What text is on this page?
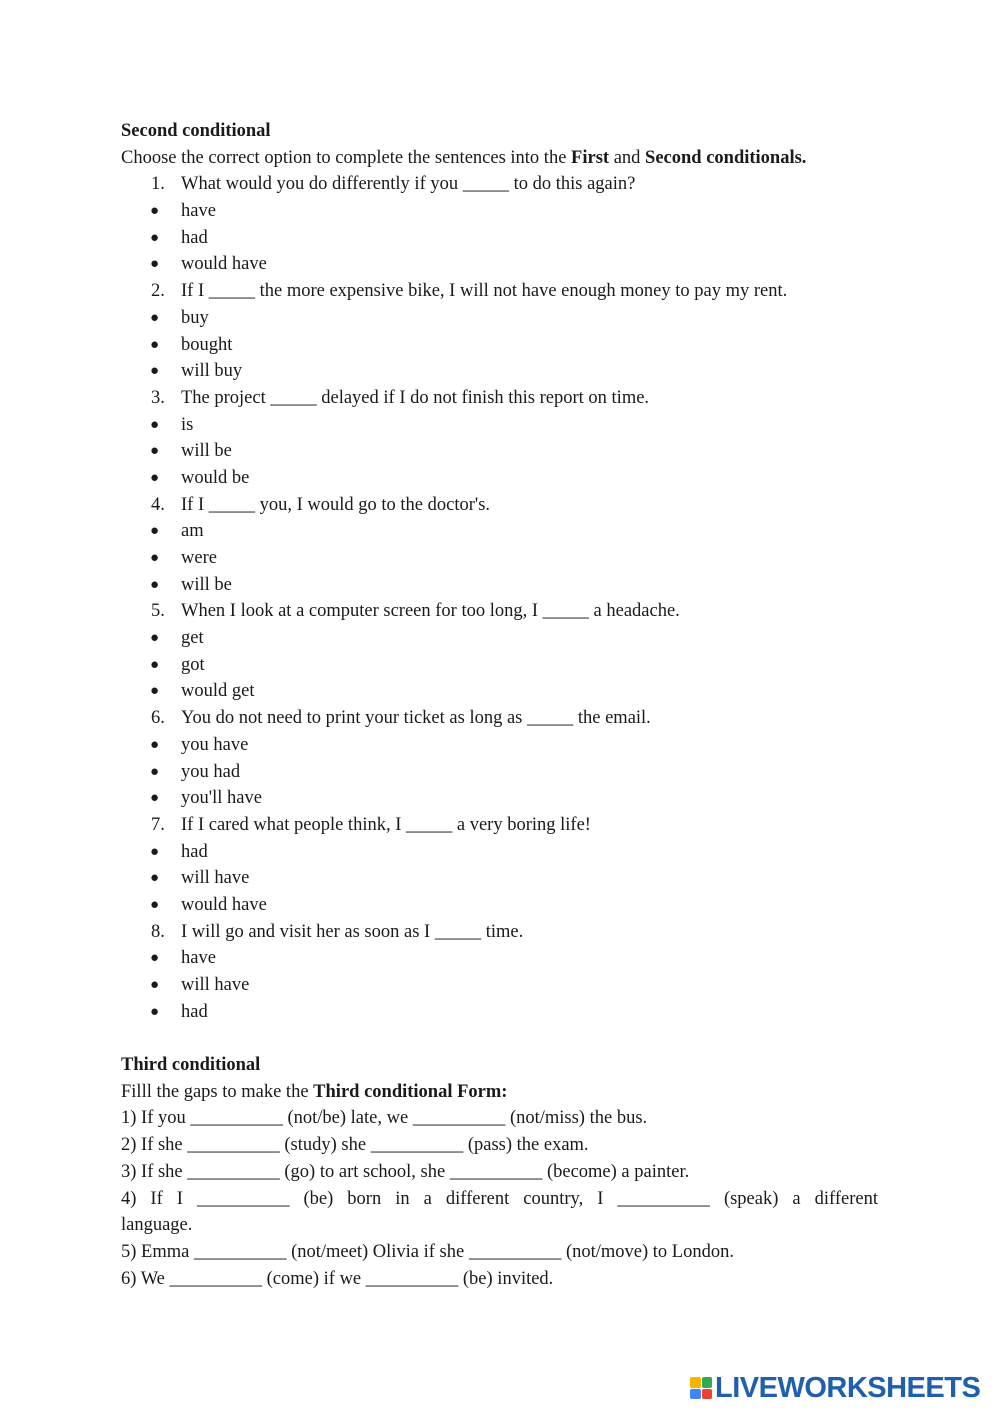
Second conditional
Choose the correct option to complete the sentences into the First and Second conditionals.
1. What would you do differently if you _____ to do this again?
● have
● had
● would have
2. If I _____ the more expensive bike, I will not have enough money to pay my rent.
● buy
● bought
● will buy
3. The project _____ delayed if I do not finish this report on time.
● is
● will be
● would be
4. If I _____ you, I would go to the doctor's.
● am
● were
● will be
5. When I look at a computer screen for too long, I _____ a headache.
● get
● got
● would get
6. You do not need to print your ticket as long as _____ the email.
● you have
● you had
● you'll have
7. If I cared what people think, I _____ a very boring life!
● had
● will have
● would have
8. I will go and visit her as soon as I _____ time.
● have
● will have
● had
Third conditional
Filll the gaps to make the Third conditional Form:
1) If you __________ (not/be) late, we __________ (not/miss) the bus.
2) If she __________ (study) she __________ (pass) the exam.
3) If she __________ (go) to art school, she __________ (become) a painter.
4) If I __________ (be) born in a different country, I __________ (speak) a different
language.
5) Emma __________ (not/meet) Olivia if she __________ (not/move) to London.
6) We __________ (come) if we __________ (be) invited.
LIVEWORKSHEETS
